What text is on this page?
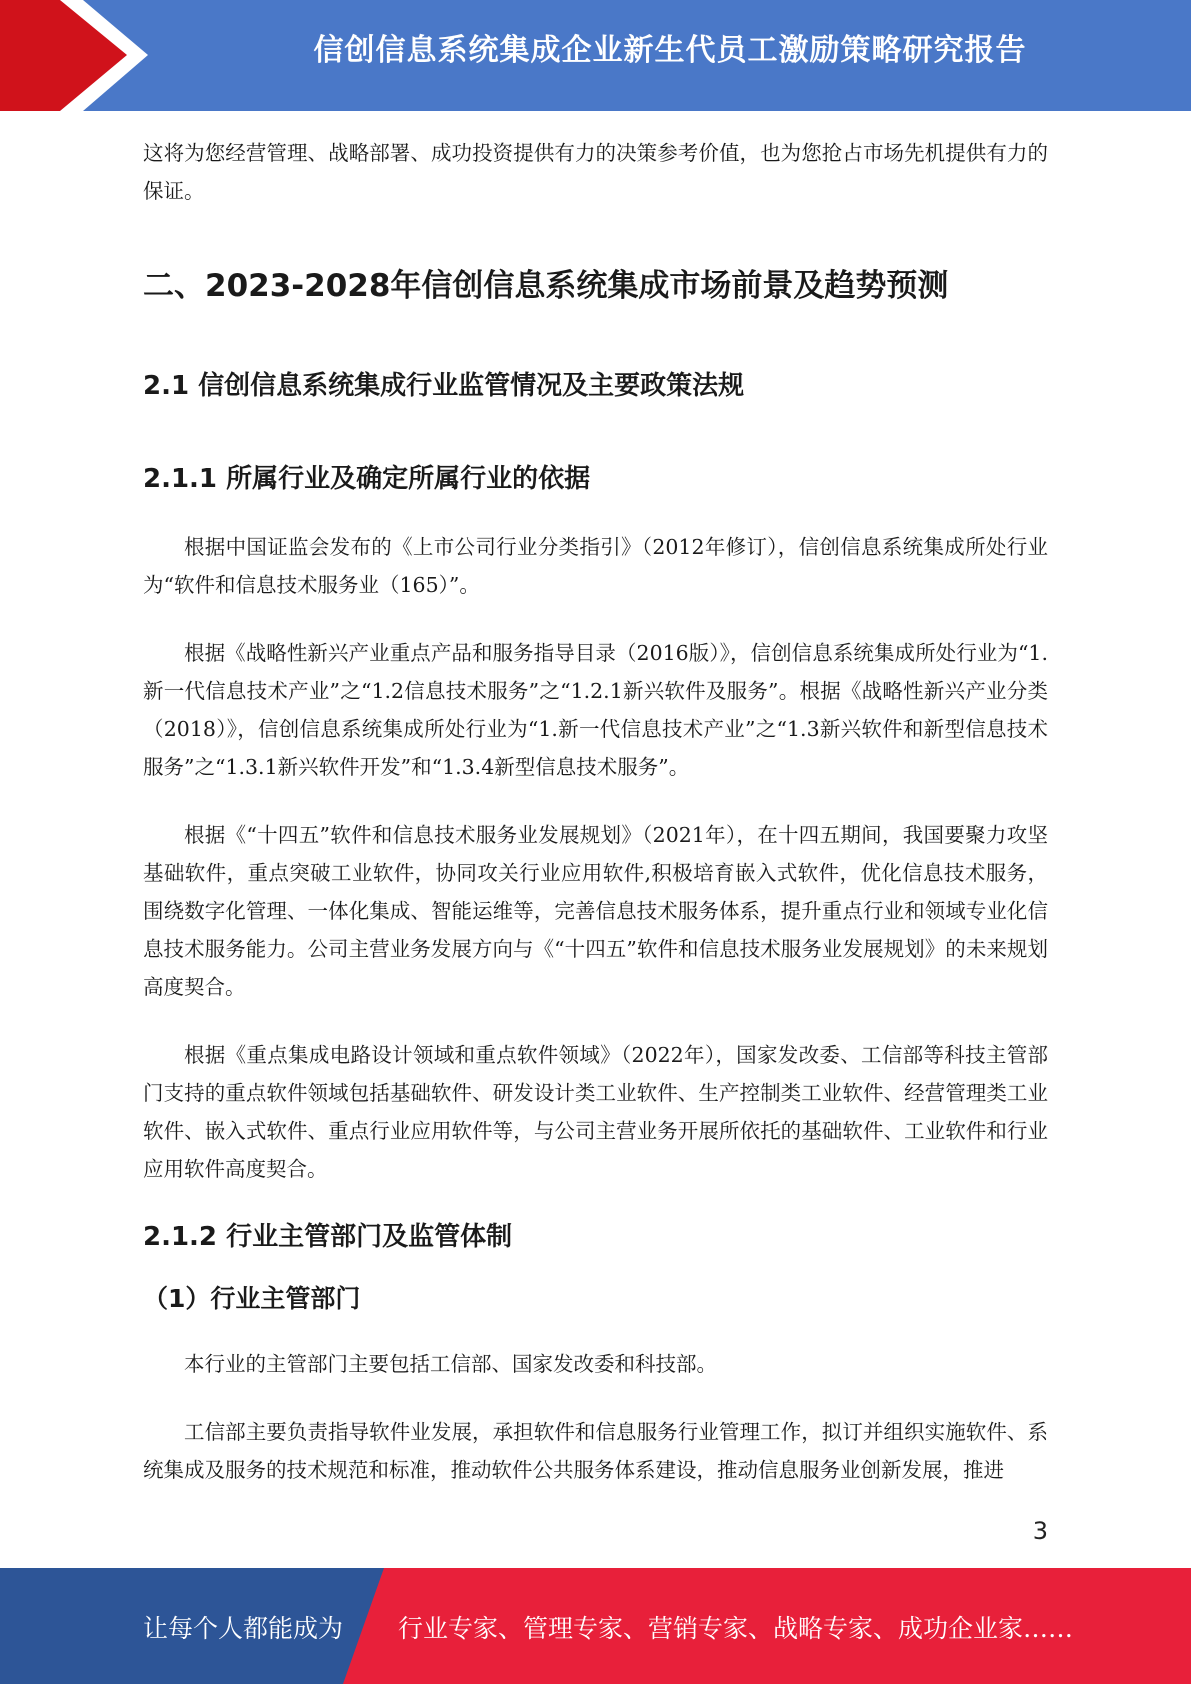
信创信息系统集成企业新生代员工激励策略研究报告

这将为您经营管理、战略部署、成功投资提供有力的决策参考价值，也为您抢占市场先机提供有力的保证。

二、2023-2028年信创信息系统集成市场前景及趋势预测
2.1 信创信息系统集成行业监管情况及主要政策法规
2.1.1 所属行业及确定所属行业的依据

根据中国证监会发布的《上市公司行业分类指引》（2012年修订），信创信息系统集成所处行业为“软件和信息技术服务业（165）”。

根据《战略性新兴产业重点产品和服务指导目录（2016版）》，信创信息系统集成所处行业为“1.新一代信息技术产业”之“1.2信息技术服务”之“1.2.1新兴软件及服务”。根据《战略性新兴产业分类（2018）》，信创信息系统集成所处行业为“1.新一代信息技术产业”之“1.3新兴软件和新型信息技术服务”之“1.3.1新兴软件开发”和“1.3.4新型信息技术服务”。

根据《“十四五”软件和信息技术服务业发展规划》（2021年），在十四五期间，我国要聚力攻坚基础软件，重点突破工业软件，协同攻关行业应用软件,积极培育嵌入式软件，优化信息技术服务，围绕数字化管理、一体化集成、智能运维等，完善信息技术服务体系，提升重点行业和领域专业化信息技术服务能力。公司主营业务发展方向与《“十四五”软件和信息技术服务业发展规划》的未来规划高度契合。

根据《重点集成电路设计领域和重点软件领域》（2022年），国家发改委、工信部等科技主管部门支持的重点软件领域包括基础软件、研发设计类工业软件、生产控制类工业软件、经营管理类工业软件、嵌入式软件、重点行业应用软件等，与公司主营业务开展所依托的基础软件、工业软件和行业应用软件高度契合。

2.1.2 行业主管部门及监管体制
（1）行业主管部门

本行业的主管部门主要包括工信部、国家发改委和科技部。

工信部主要负责指导软件业发展，承担软件和信息服务行业管理工作，拟订并组织实施软件、系统集成及服务的技术规范和标准，推动软件公共服务体系建设，推动信息服务业创新发展，推进

3
让每个人都能成为 行业专家、管理专家、营销专家、战略专家、成功企业家……
